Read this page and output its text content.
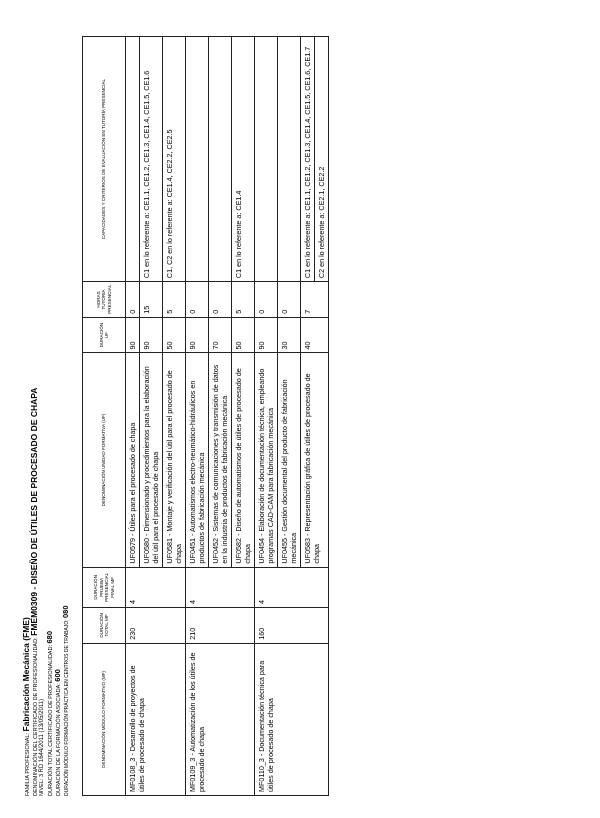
FAMILIA PROFESIONAL: Fabricación Mecánica (FME) DENOMINACIÓN DEL CERTIFICADO DE PROFESIONALIDAD: FMEM0309 - DISEÑO DE ÚTILES DE PROCESADO DE CHAPA
NIVEL: 3 RD 1644/2011 (13/05/2011) DURACIÓN TOTAL CERTIFICADO DE PROFESIONALIDAD: 680
DURACIÓN DE LA FORMACIÓN ASOCIADA: 600 DURACIÓN MÓDULO FORMACIÓN PRÁCTICA EN CENTROS DE TRABAJO: 080
DENOMINACIÓN MÓDULO FORMATIVO (MF)	DURACIÓN TOTAL MF	DURACIÓN PRUEBA PRESENCIAL FINAL MF	DENOMINACIÓN UNIDAD FORMATIVA (UF)	DURACIÓN UF	HORAS TUTORÍA PRESENCIAL	CAPACIDADES Y CRITERIOS DE EVALUACIÓN EN TUTORÍA PRESENCIAL
MF0108_3 - Desarrollo de proyectos de útiles de procesado de chapa	230	4	UF0579 - Útiles para el procesado de chapa	90	0	
			UF0580 - Dimensionado y procedimientos para la elaboración del útil para el procesado de chapa	90	15	C1 en lo referente a: CE1.1, CE1.2, CE1.3, CE1.4, CE1.5, CE1.6
			UF0581 - Montaje y verificación del útil para el procesado de chapa	50	5	C1, C2 en lo referente a: CE1.4, CE2.2, CE2.5
MF0109_3 - Automatización de los útiles de procesado de chapa	210	4	UF0451 - Automatismos electro-neumático-hidráulicos en productos de fabricación mecánica	90	0	
			UF0452 - Sistemas de comunicaciones y transmisión de datos en la industria de productos de fabricación mecánica	70	0	
			UF0582 - Diseño de automatismos de útiles de procesado de chapa	50	5	C1 en lo referente a: CE1.4
MF0110_3 - Documentación técnica para útiles de procesado de chapa	160	4	UF0454 - Elaboración de documentación técnica, empleando programas CAD-CAM para fabricación mecánica	90	0	
			UF0455 - Gestión documental del producto de fabricación mecánica	30	0	
			UF0583 - Representación gráfica de útiles de procesado de chapa	40	7	C1 en lo referente a: CE1.1, CE1.2, CE1.3, CE1.4, CE1.5, CE1.6, CE1.7
						C2 en lo referente a: CE2.1, CE2.2
